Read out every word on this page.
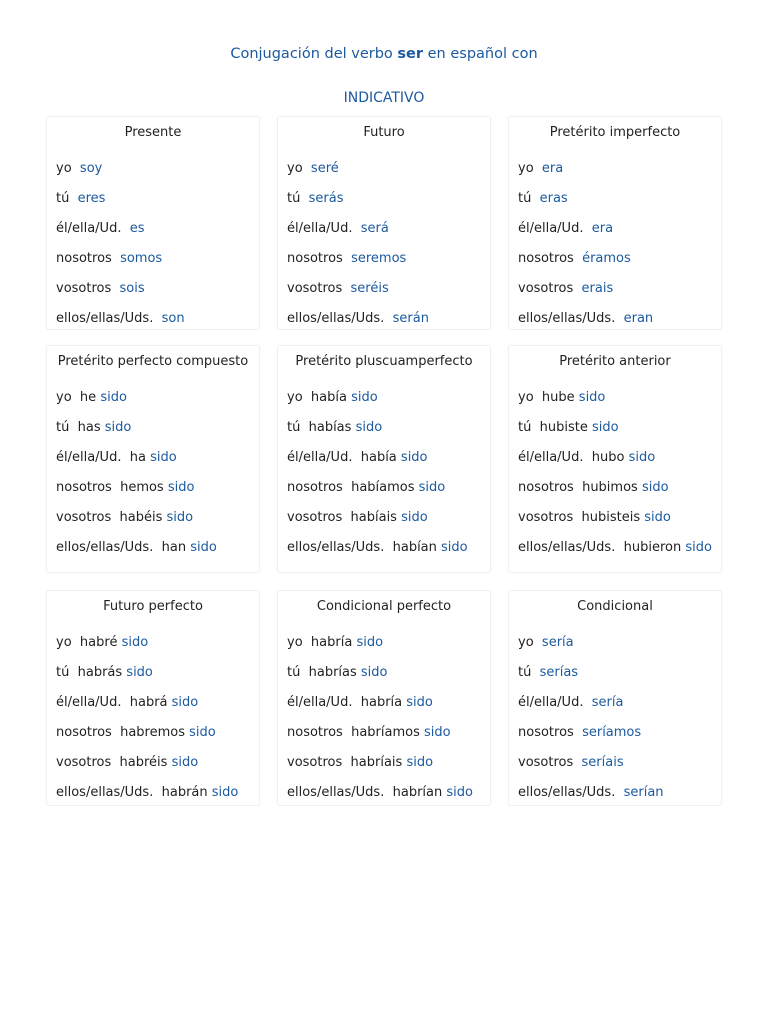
Conjugación del verbo ser en español con
INDICATIVO
Presente
yo soy
tú eres
él/ella/Ud. es
nosotros somos
vosotros sois
ellos/ellas/Uds. son
Futuro
yo seré
tú serás
él/ella/Ud. será
nosotros seremos
vosotros seréis
ellos/ellas/Uds. serán
Pretérito imperfecto
yo era
tú eras
él/ella/Ud. era
nosotros éramos
vosotros erais
ellos/ellas/Uds. eran
Pretérito perfecto compuesto
yo he sido
tú has sido
él/ella/Ud. ha sido
nosotros hemos sido
vosotros habéis sido
ellos/ellas/Uds. han sido
Pretérito pluscuamperfecto
yo había sido
tú habías sido
él/ella/Ud. había sido
nosotros habíamos sido
vosotros habíais sido
ellos/ellas/Uds. habían sido
Pretérito anterior
yo hube sido
tú hubiste sido
él/ella/Ud. hubo sido
nosotros hubimos sido
vosotros hubisteis sido
ellos/ellas/Uds. hubieron sido
Futuro perfecto
yo habré sido
tú habrás sido
él/ella/Ud. habrá sido
nosotros habremos sido
vosotros habréis sido
ellos/ellas/Uds. habrán sido
Condicional perfecto
yo habría sido
tú habrías sido
él/ella/Ud. habría sido
nosotros habríamos sido
vosotros habríais sido
ellos/ellas/Uds. habrían sido
Condicional
yo sería
tú serías
él/ella/Ud. sería
nosotros seríamos
vosotros seríais
ellos/ellas/Uds. serían
